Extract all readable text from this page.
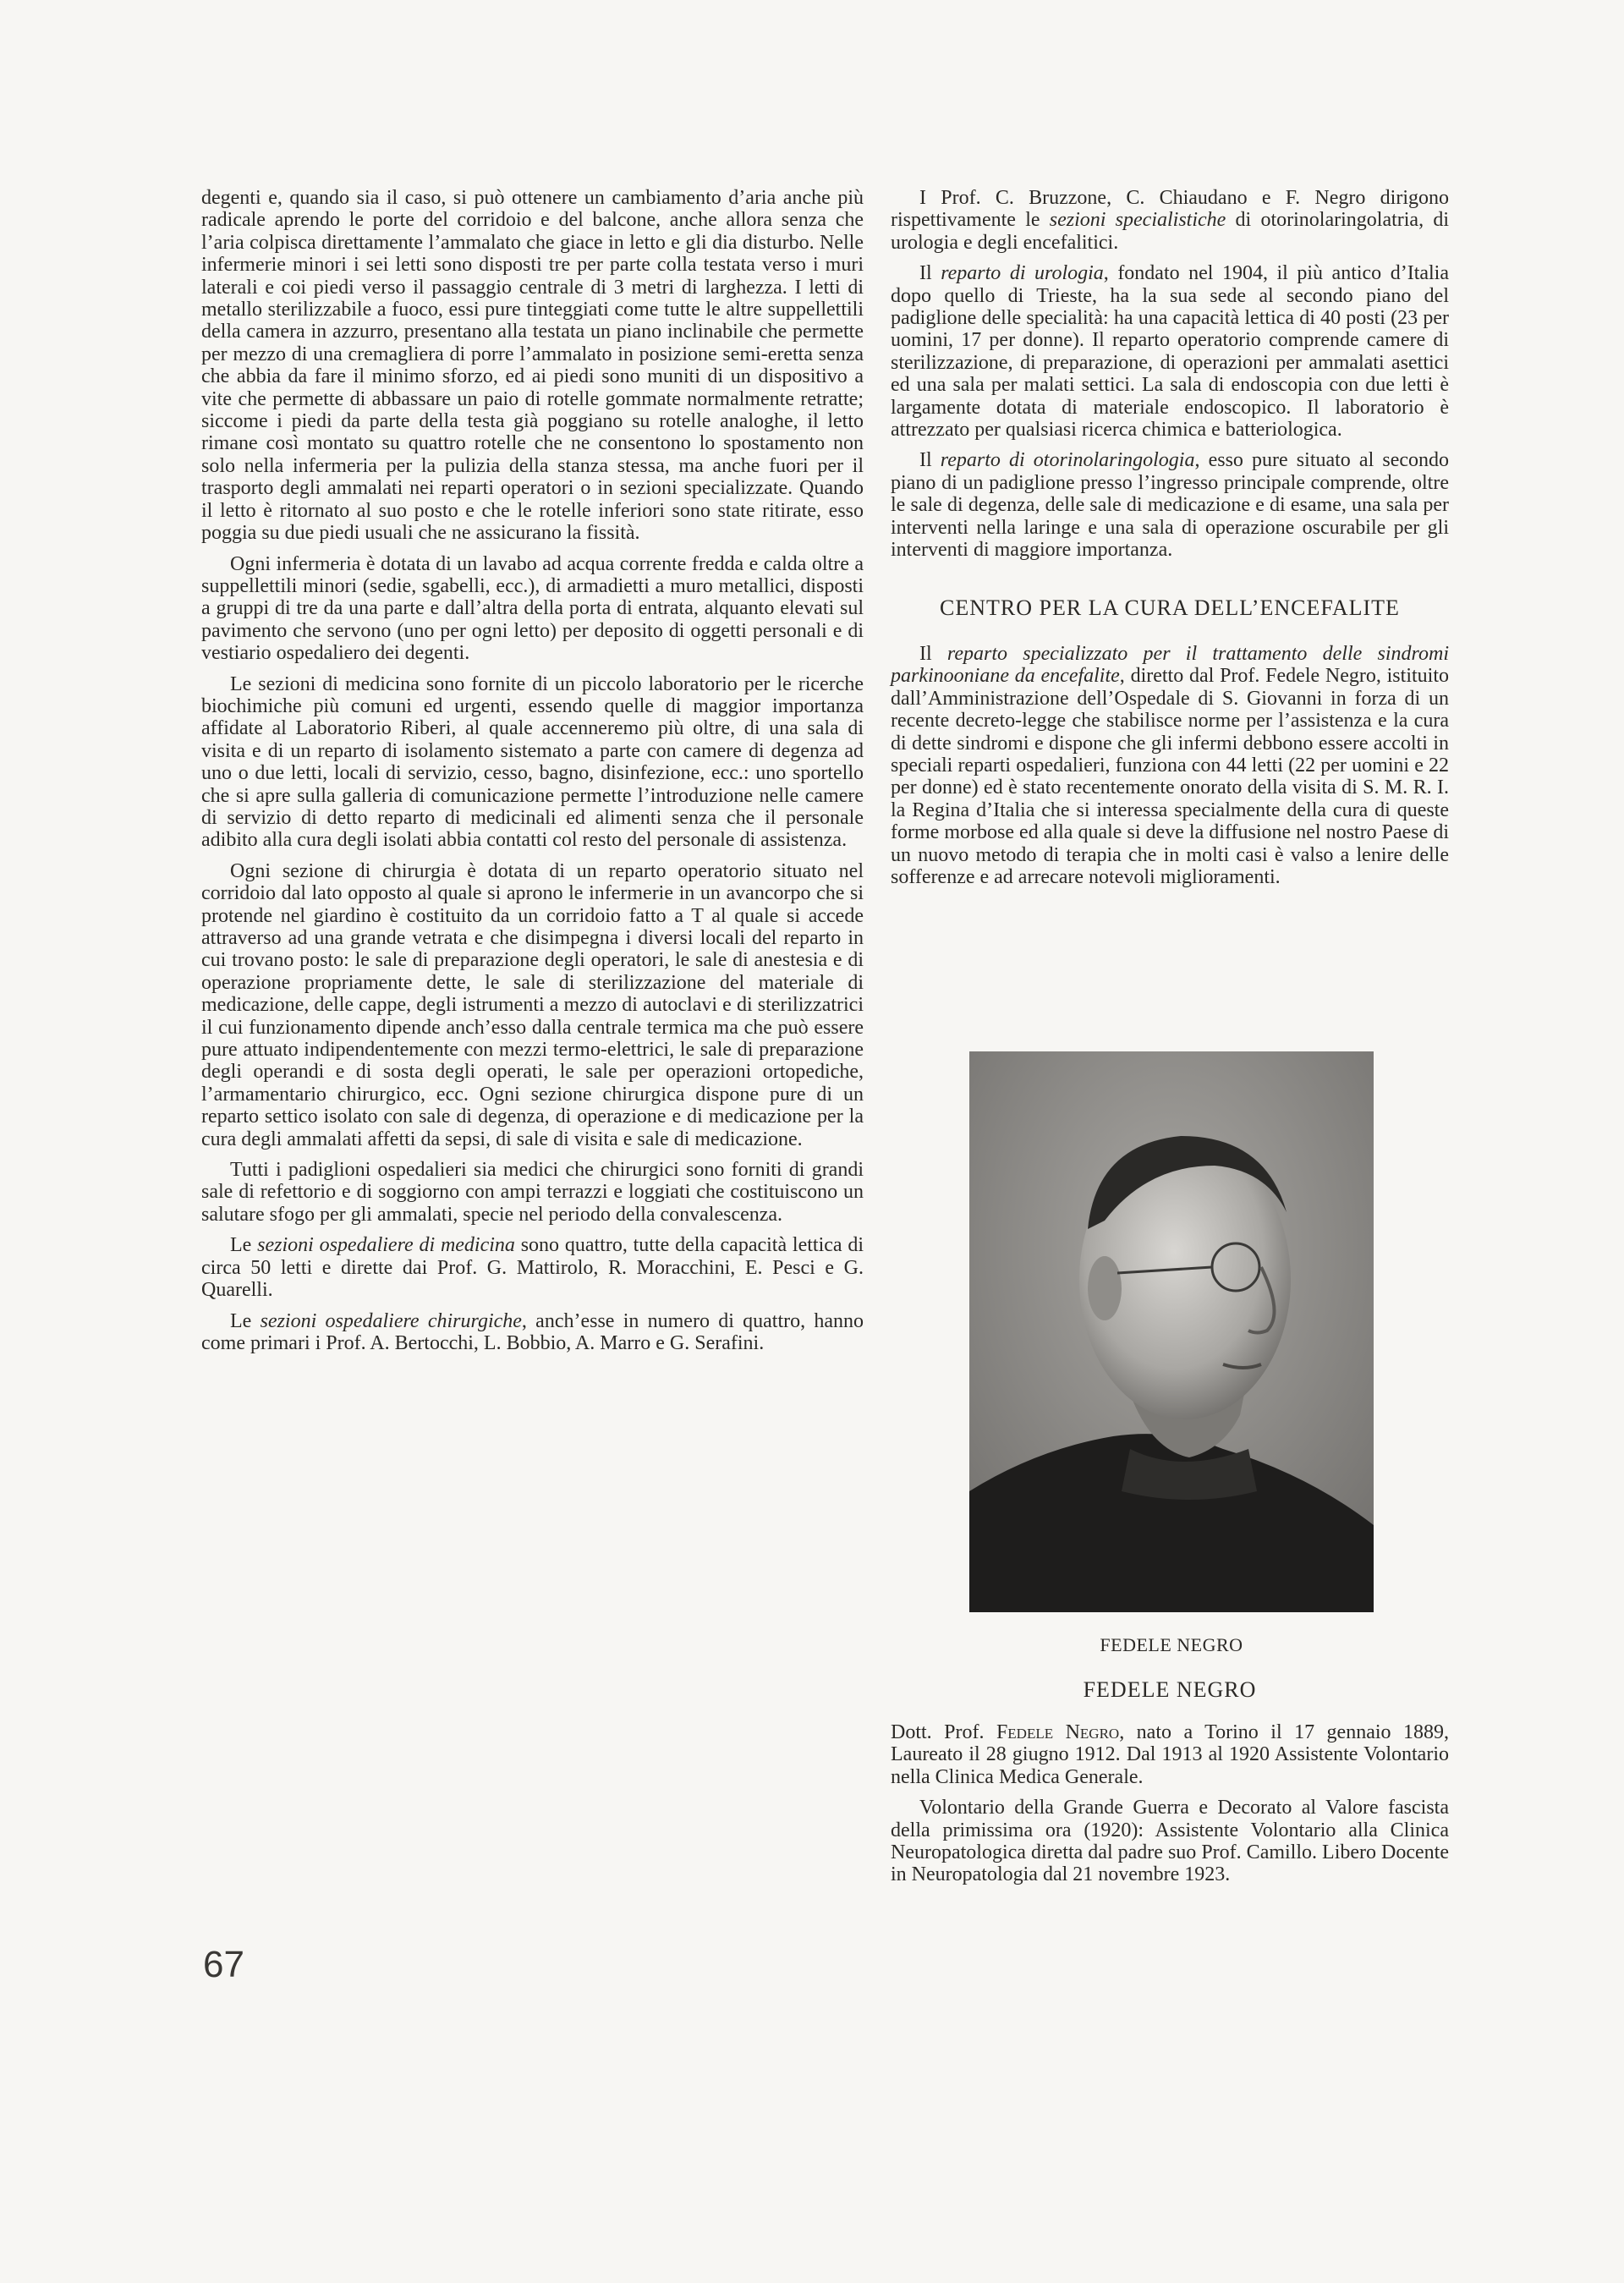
degenti e, quando sia il caso, si può ottenere un cambiamento d’aria anche più radicale aprendo le porte del corridoio e del balcone, anche allora senza che l’aria colpisca direttamente l’ammalato che giace in letto e gli dia disturbo. Nelle infermerie minori i sei letti sono disposti tre per parte colla testata verso i muri laterali e coi piedi verso il passaggio centrale di 3 metri di larghezza. I letti di metallo sterilizzabile a fuoco, essi pure tinteggiati come tutte le altre suppellettili della camera in azzurro, presentano alla testata un piano inclinabile che permette per mezzo di una cremagliera di porre l’ammalato in posizione semi-eretta senza che abbia da fare il minimo sforzo, ed ai piedi sono muniti di un dispositivo a vite che permette di abbassare un paio di rotelle gommate normalmente retratte; siccome i piedi da parte della testa già poggiano su rotelle analoghe, il letto rimane così montato su quattro rotelle che ne consentono lo spostamento non solo nella infermeria per la pulizia della stanza stessa, ma anche fuori per il trasporto degli ammalati nei reparti operatori o in sezioni specializzate. Quando il letto è ritornato al suo posto e che le rotelle inferiori sono state ritirate, esso poggia su due piedi usuali che ne assicurano la fissità.

Ogni infermeria è dotata di un lavabo ad acqua corrente fredda e calda oltre a suppellettili minori (sedie, sgabelli, ecc.), di armadietti a muro metallici, disposti a gruppi di tre da una parte e dall’altra della porta di entrata, alquanto elevati sul pavimento che servono (uno per ogni letto) per deposito di oggetti personali e di vestiario ospedaliero dei degenti.

Le sezioni di medicina sono fornite di un piccolo laboratorio per le ricerche biochimiche più comuni ed urgenti, essendo quelle di maggior importanza affidate al Laboratorio Riberi, al quale accenneremo più oltre, di una sala di visita e di un reparto di isolamento sistemato a parte con camere di degenza ad uno o due letti, locali di servizio, cesso, bagno, disinfezione, ecc.: uno sportello che si apre sulla galleria di comunicazione permette l’introduzione nelle camere di servizio di detto reparto di medicinali ed alimenti senza che il personale adibito alla cura degli isolati abbia contatti col resto del personale di assistenza.

Ogni sezione di chirurgia è dotata di un reparto operatorio situato nel corridoio dal lato opposto al quale si aprono le infermerie in un avancorpo che si protende nel giardino è costituito da un corridoio fatto a T al quale si accede attraverso ad una grande vetrata e che disimpegna i diversi locali del reparto in cui trovano posto: le sale di preparazione degli operatori, le sale di anestesia e di operazione propriamente dette, le sale di sterilizzazione del materiale di medicazione, delle cappe, degli istrumenti a mezzo di autoclavi e di sterilizzatrici il cui funzionamento dipende anch’esso dalla centrale termica ma che può essere pure attuato indipendentemente con mezzi termo-elettrici, le sale di preparazione degli operandi e di sosta degli operati, le sale per operazioni ortopediche, l’armamentario chirurgico, ecc. Ogni sezione chirurgica dispone pure di un reparto settico isolato con sale di degenza, di operazione e di medicazione per la cura degli ammalati affetti da sepsi, di sale di visita e sale di medicazione.

Tutti i padiglioni ospedalieri sia medici che chirurgici sono forniti di grandi sale di refettorio e di soggiorno con ampi terrazzi e loggiati che costituiscono un salutare sfogo per gli ammalati, specie nel periodo della convalescenza.

Le sezioni ospedaliere di medicina sono quattro, tutte della capacità lettica di circa 50 letti e dirette dai Prof. G. Mattirolo, R. Moracchini, E. Pesci e G. Quarelli.

Le sezioni ospedaliere chirurgiche, anch’esse in numero di quattro, hanno come primari i Prof. A. Bertocchi, L. Bobbio, A. Marro e G. Serafini.

I Prof. C. Bruzzone, C. Chiaudano e F. Negro dirigono rispettivamente le sezioni specialistiche di otorinolaringolatria, di urologia e degli encefalitici.

Il reparto di urologia, fondato nel 1904, il più antico d’Italia dopo quello di Trieste, ha la sua sede al secondo piano del padiglione delle specialità: ha una capacità lettica di 40 posti (23 per uomini, 17 per donne). Il reparto operatorio comprende camere di sterilizzazione, di preparazione, di operazioni per ammalati asettici ed una sala per malati settici. La sala di endoscopia con due letti è largamente dotata di materiale endoscopico. Il laboratorio è attrezzato per qualsiasi ricerca chimica e batteriologica.

Il reparto di otorinolaringologia, esso pure situato al secondo piano di un padiglione presso l’ingresso principale comprende, oltre le sale di degenza, delle sale di medicazione e di esame, una sala per interventi nella laringe e una sala di operazione oscurabile per gli interventi di maggiore importanza.

CENTRO PER LA CURA DELL’ENCEFALITE

Il reparto specializzato per il trattamento delle sindromi parkinooniane da encefalite, diretto dal Prof. Fedele Negro, istituito dall’Amministrazione dell’Ospedale di S. Giovanni in forza di un recente decreto-legge che stabilisce norme per l’assistenza e la cura di dette sindromi e dispone che gli infermi debbono essere accolti in speciali reparti ospedalieri, funziona con 44 letti (22 per uomini e 22 per donne) ed è stato recentemente onorato della visita di S. M. R. I. la Regina d’Italia che si interessa specialmente della cura di queste forme morbose ed alla quale si deve la diffusione nel nostro Paese di un nuovo metodo di terapia che in molti casi è valso a lenire delle sofferenze e ad arrecare notevoli miglioramenti.

FEDELE NEGRO
FEDELE NEGRO

Dott. Prof. Fedele Negro, nato a Torino il 17 gennaio 1889, Laureato il 28 giugno 1912. Dal 1913 al 1920 Assistente Volontario nella Clinica Medica Generale.

Volontario della Grande Guerra e Decorato al Valore fascista della primissima ora (1920): Assistente Volontario alla Clinica Neuropatologica diretta dal padre suo Prof. Camillo. Libero Docente in Neuropatologia dal 21 novembre 1923.

67
